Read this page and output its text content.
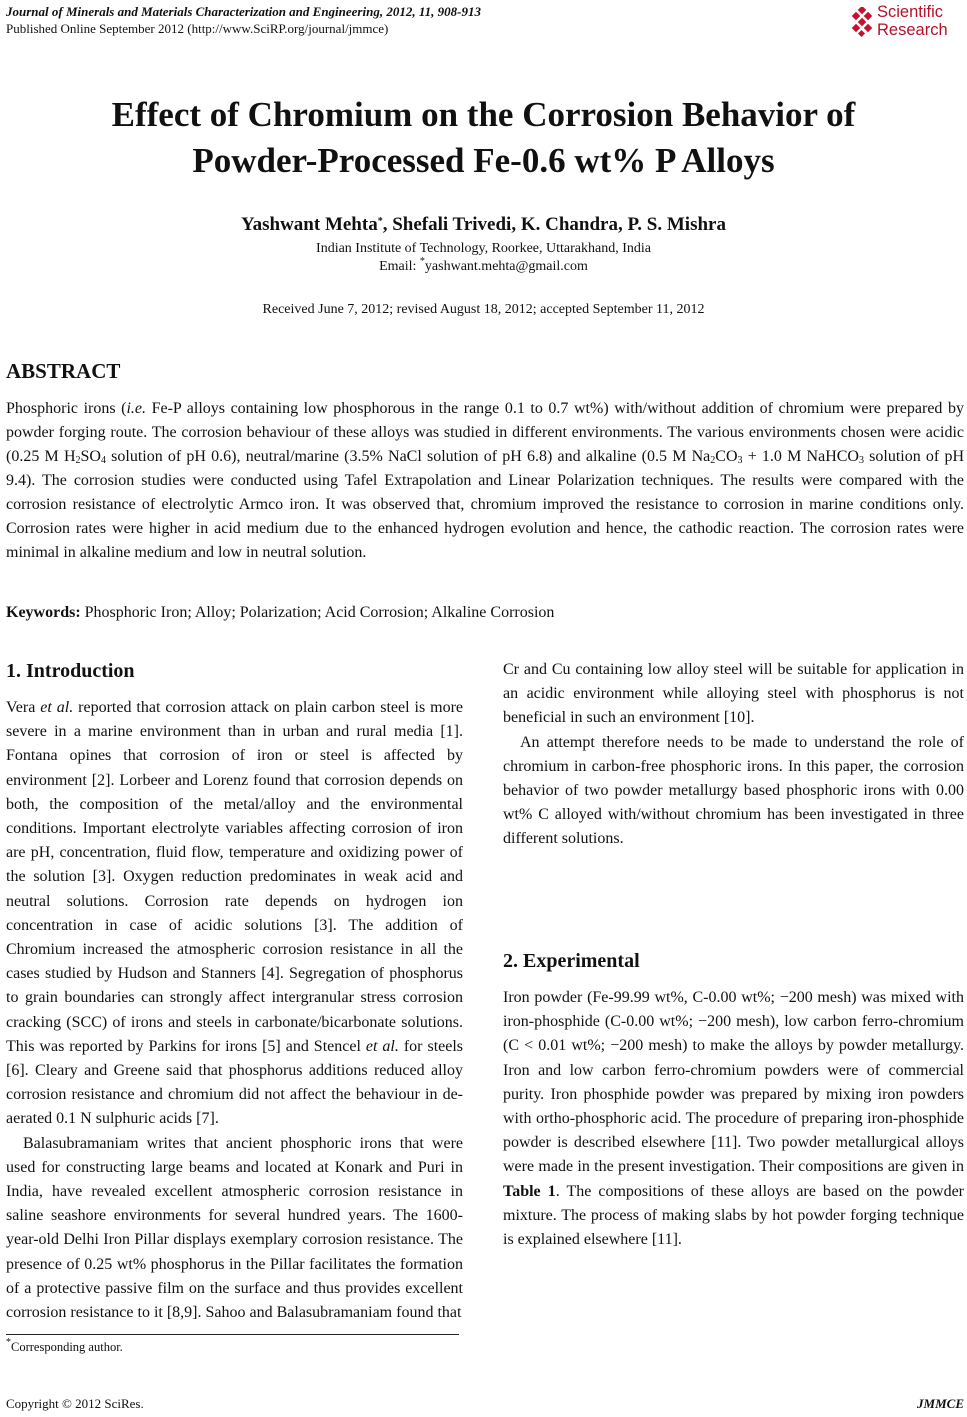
Journal of Minerals and Materials Characterization and Engineering, 2012, 11, 908-913
Published Online September 2012 (http://www.SciRP.org/journal/jmmce)
Scientific
Research
Effect of Chromium on the Corrosion Behavior of
Powder-Processed Fe-0.6 wt% P Alloys
Yashwant Mehta*, Shefali Trivedi, K. Chandra, P. S. Mishra
Indian Institute of Technology, Roorkee, Uttarakhand, India
Email: *yashwant.mehta@gmail.com
Received June 7, 2012; revised August 18, 2012; accepted September 11, 2012
ABSTRACT
Phosphoric irons (i.e. Fe-P alloys containing low phosphorous in the range 0.1 to 0.7 wt%) with/without addition of chromium were prepared by powder forging route. The corrosion behaviour of these alloys was studied in different environments. The various environments chosen were acidic (0.25 M $H_2SO_4$ solution of pH 0.6), neutral/marine (3.5% NaCl solution of pH 6.8) and alkaline (0.5 M $Na_2CO_3 + 1.0$ M NaHCO$_3$ solution of pH 9.4). The corrosion studies were conducted using Tafel Extrapolation and Linear Polarization techniques. The results were compared with the corrosion resistance of electrolytic Armco iron. It was observed that, chromium improved the resistance to corrosion in marine conditions only. Corrosion rates were higher in acid medium due to the enhanced hydrogen evolution and hence, the cathodic reaction. The corrosion rates were minimal in alkaline medium and low in neutral solution.
Keywords: Phosphoric Iron; Alloy; Polarization; Acid Corrosion; Alkaline Corrosion
1. Introduction

Vera et al. reported that corrosion attack on plain carbon steel is more severe in a marine environment than in urban and rural media [1]. Fontana opines that corrosion of iron or steel is affected by environment [2]. Lorbeer and Lorenz found that corrosion depends on both, the composition of the metal/alloy and the environmental conditions. Important electrolyte variables affecting corrosion of iron are pH, concentration, fluid flow, temperature and oxidizing power of the solution [3]. Oxygen reduction predominates in weak acid and neutral solutions. Corrosion rate depends on hydrogen ion concentration in case of acidic solutions [3]. The addition of Chromium increased the atmospheric corrosion resistance in all the cases studied by Hudson and Stanners [4]. Segregation of phosphorus to grain boundaries can strongly affect intergranular stress corrosion cracking (SCC) of irons and steels in carbonate/bicarbonate solutions. This was reported by Parkins for irons [5] and Stencel et al. for steels [6]. Cleary and Greene said that phosphorus additions reduced alloy corrosion resistance and chromium did not affect the behaviour in de-aerated 0.1 N sulphuric acids [7].

Balasubramaniam writes that ancient phosphoric irons that were used for constructing large beams and located at Konark and Puri in India, have revealed excellent atmospheric corrosion resistance in saline seashore environments for several hundred years. The 1600-year-old Delhi Iron Pillar displays exemplary corrosion resistance. The presence of 0.25 wt% phosphorus in the Pillar facilitates the formation of a protective passive film on the surface and thus provides excellent corrosion resistance to it [8,9]. Sahoo and Balasubramaniam found that

Cr and Cu containing low alloy steel will be suitable for application in an acidic environment while alloying steel with phosphorus is not beneficial in such an environment [10].

An attempt therefore needs to be made to understand the role of chromium in carbon-free phosphoric irons. In this paper, the corrosion behavior of two powder metallurgy based phosphoric irons with 0.00 wt% C alloyed with/without chromium has been investigated in three different solutions.

2. Experimental

Iron powder (Fe-99.99 wt%, C-0.00 wt%; −200 mesh) was mixed with iron-phosphide (C-0.00 wt%; −200 mesh), low carbon ferro-chromium (C < 0.01 wt%; −200 mesh) to make the alloys by powder metallurgy. Iron and low carbon ferro-chromium powders were of commercial purity. Iron phosphide powder was prepared by mixing iron powders with ortho-phosphoric acid. The procedure of preparing iron-phosphide powder is described elsewhere [11]. Two powder metallurgical alloys were made in the present investigation. Their compositions are given in Table 1. The compositions of these alloys are based on the powder mixture. The process of making slabs by hot powder forging technique is explained elsewhere [11].

*Corresponding author.
Copyright © 2012 SciRes.	JMMCE
